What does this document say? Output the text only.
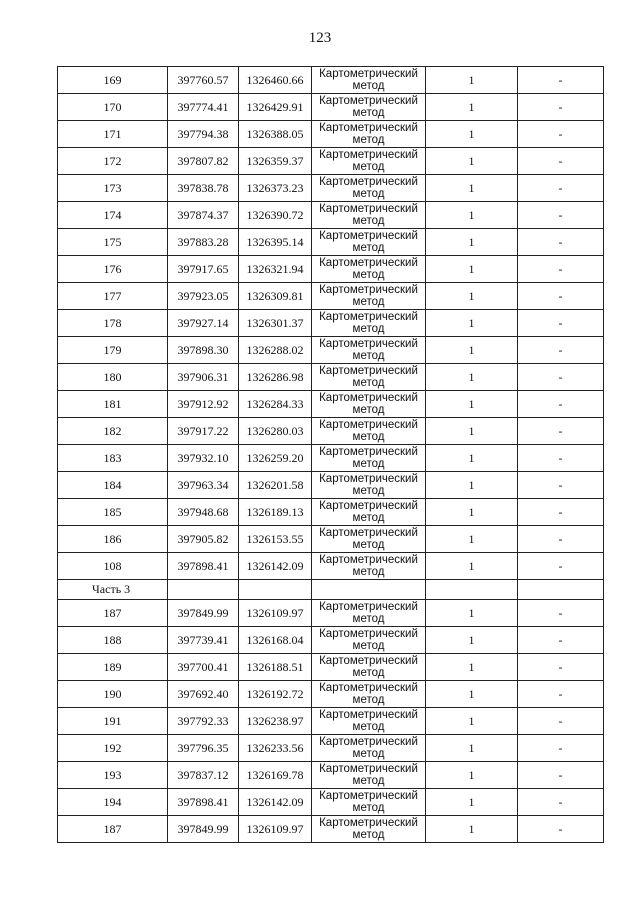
123
169	397760.57	1326460.66	Картометрический метод	1	-
170	397774.41	1326429.91	Картометрический метод	1	-
171	397794.38	1326388.05	Картометрический метод	1	-
172	397807.82	1326359.37	Картометрический метод	1	-
173	397838.78	1326373.23	Картометрический метод	1	-
174	397874.37	1326390.72	Картометрический метод	1	-
175	397883.28	1326395.14	Картометрический метод	1	-
176	397917.65	1326321.94	Картометрический метод	1	-
177	397923.05	1326309.81	Картометрический метод	1	-
178	397927.14	1326301.37	Картометрический метод	1	-
179	397898.30	1326288.02	Картометрический метод	1	-
180	397906.31	1326286.98	Картометрический метод	1	-
181	397912.92	1326284.33	Картометрический метод	1	-
182	397917.22	1326280.03	Картометрический метод	1	-
183	397932.10	1326259.20	Картометрический метод	1	-
184	397963.34	1326201.58	Картометрический метод	1	-
185	397948.68	1326189.13	Картометрический метод	1	-
186	397905.82	1326153.55	Картометрический метод	1	-
108	397898.41	1326142.09	Картометрический метод	1	-
Часть 3					
187	397849.99	1326109.97	Картометрический метод	1	-
188	397739.41	1326168.04	Картометрический метод	1	-
189	397700.41	1326188.51	Картометрический метод	1	-
190	397692.40	1326192.72	Картометрический метод	1	-
191	397792.33	1326238.97	Картометрический метод	1	-
192	397796.35	1326233.56	Картометрический метод	1	-
193	397837.12	1326169.78	Картометрический метод	1	-
194	397898.41	1326142.09	Картометрический метод	1	-
187	397849.99	1326109.97	Картометрический метод	1	-
